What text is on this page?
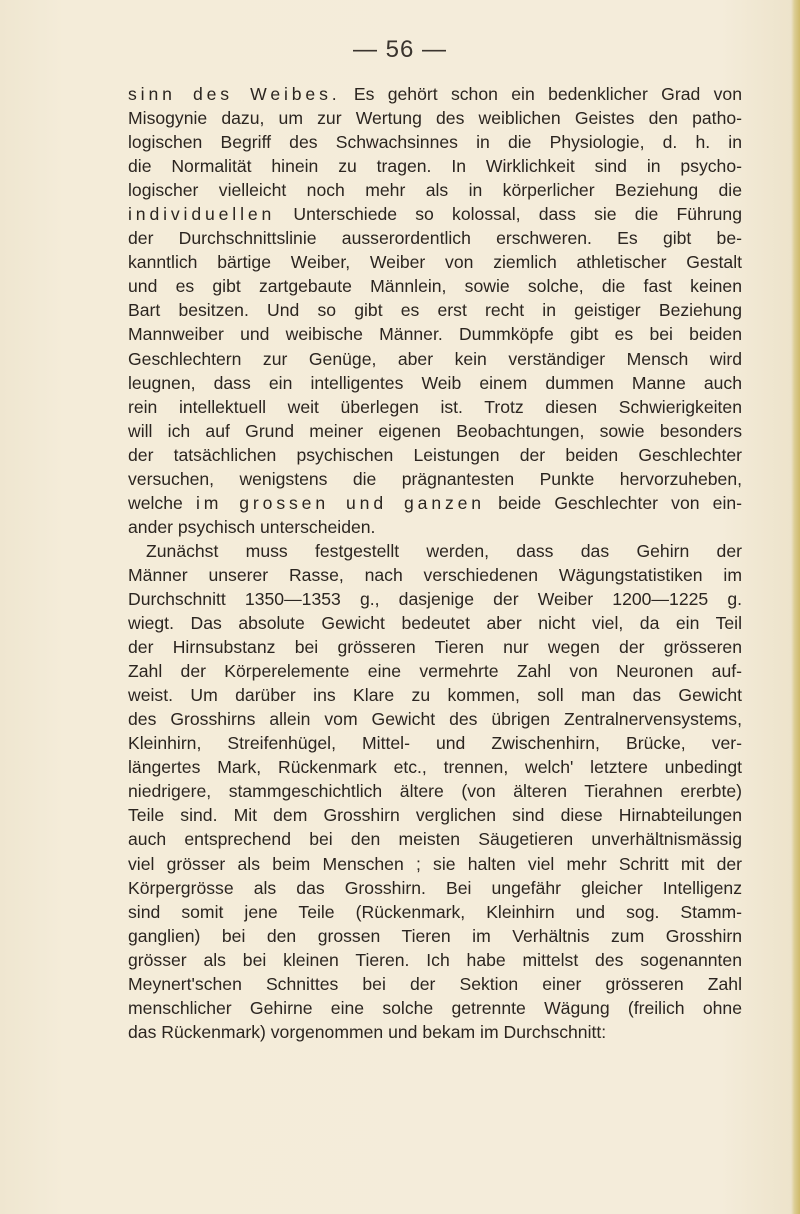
— 56 —
sinn des Weibes. Es gehört schon ein bedenklicher Grad von
Misogynie dazu, um zur Wertung des weiblichen Geistes den patho-
logischen Begriff des Schwachsinnes in die Physiologie, d. h. in
die Normalität hinein zu tragen. In Wirklichkeit sind in psycho-
logischer vielleicht noch mehr als in körperlicher Beziehung die
individuellen Unterschiede so kolossal, dass sie die Führung
der Durchschnittslinie ausserordentlich erschweren. Es gibt be-
kanntlich bärtige Weiber, Weiber von ziemlich athletischer Gestalt
und es gibt zartgebaute Männlein, sowie solche, die fast keinen
Bart besitzen. Und so gibt es erst recht in geistiger Beziehung
Mannweiber und weibische Männer. Dummköpfe gibt es bei beiden
Geschlechtern zur Genüge, aber kein verständiger Mensch wird
leugnen, dass ein intelligentes Weib einem dummen Manne auch
rein intellektuell weit überlegen ist. Trotz diesen Schwierigkeiten
will ich auf Grund meiner eigenen Beobachtungen, sowie besonders
der tatsächlichen psychischen Leistungen der beiden Geschlechter
versuchen, wenigstens die prägnantesten Punkte hervorzuheben,
welche im grossen und ganzen beide Geschlechter von ein-
ander psychisch unterscheiden.
Zunächst muss festgestellt werden, dass das Gehirn der
Männer unserer Rasse, nach verschiedenen Wägungstatistiken im
Durchschnitt 1350—1353 g., dasjenige der Weiber 1200—1225 g.
wiegt. Das absolute Gewicht bedeutet aber nicht viel, da ein Teil
der Hirnsubstanz bei grösseren Tieren nur wegen der grösseren
Zahl der Körperelemente eine vermehrte Zahl von Neuronen auf-
weist. Um darüber ins Klare zu kommen, soll man das Gewicht
des Grosshirns allein vom Gewicht des übrigen Zentralnervensystems,
Kleinhirn, Streifenhügel, Mittel- und Zwischenhirn, Brücke, ver-
längertes Mark, Rückenmark etc., trennen, welch' letztere unbedingt
niedrigere, stammgeschichtlich ältere (von älteren Tierahnen ererbte)
Teile sind. Mit dem Grosshirn verglichen sind diese Hirnabteilungen
auch entsprechend bei den meisten Säugetieren unverhältnismässig
viel grösser als beim Menschen ; sie halten viel mehr Schritt mit der
Körpergrösse als das Grosshirn. Bei ungefähr gleicher Intelligenz
sind somit jene Teile (Rückenmark, Kleinhirn und sog. Stamm-
ganglien) bei den grossen Tieren im Verhältnis zum Grosshirn
grösser als bei kleinen Tieren. Ich habe mittelst des sogenannten
Meynert'schen Schnittes bei der Sektion einer grösseren Zahl
menschlicher Gehirne eine solche getrennte Wägung (freilich ohne
das Rückenmark) vorgenommen und bekam im Durchschnitt:
